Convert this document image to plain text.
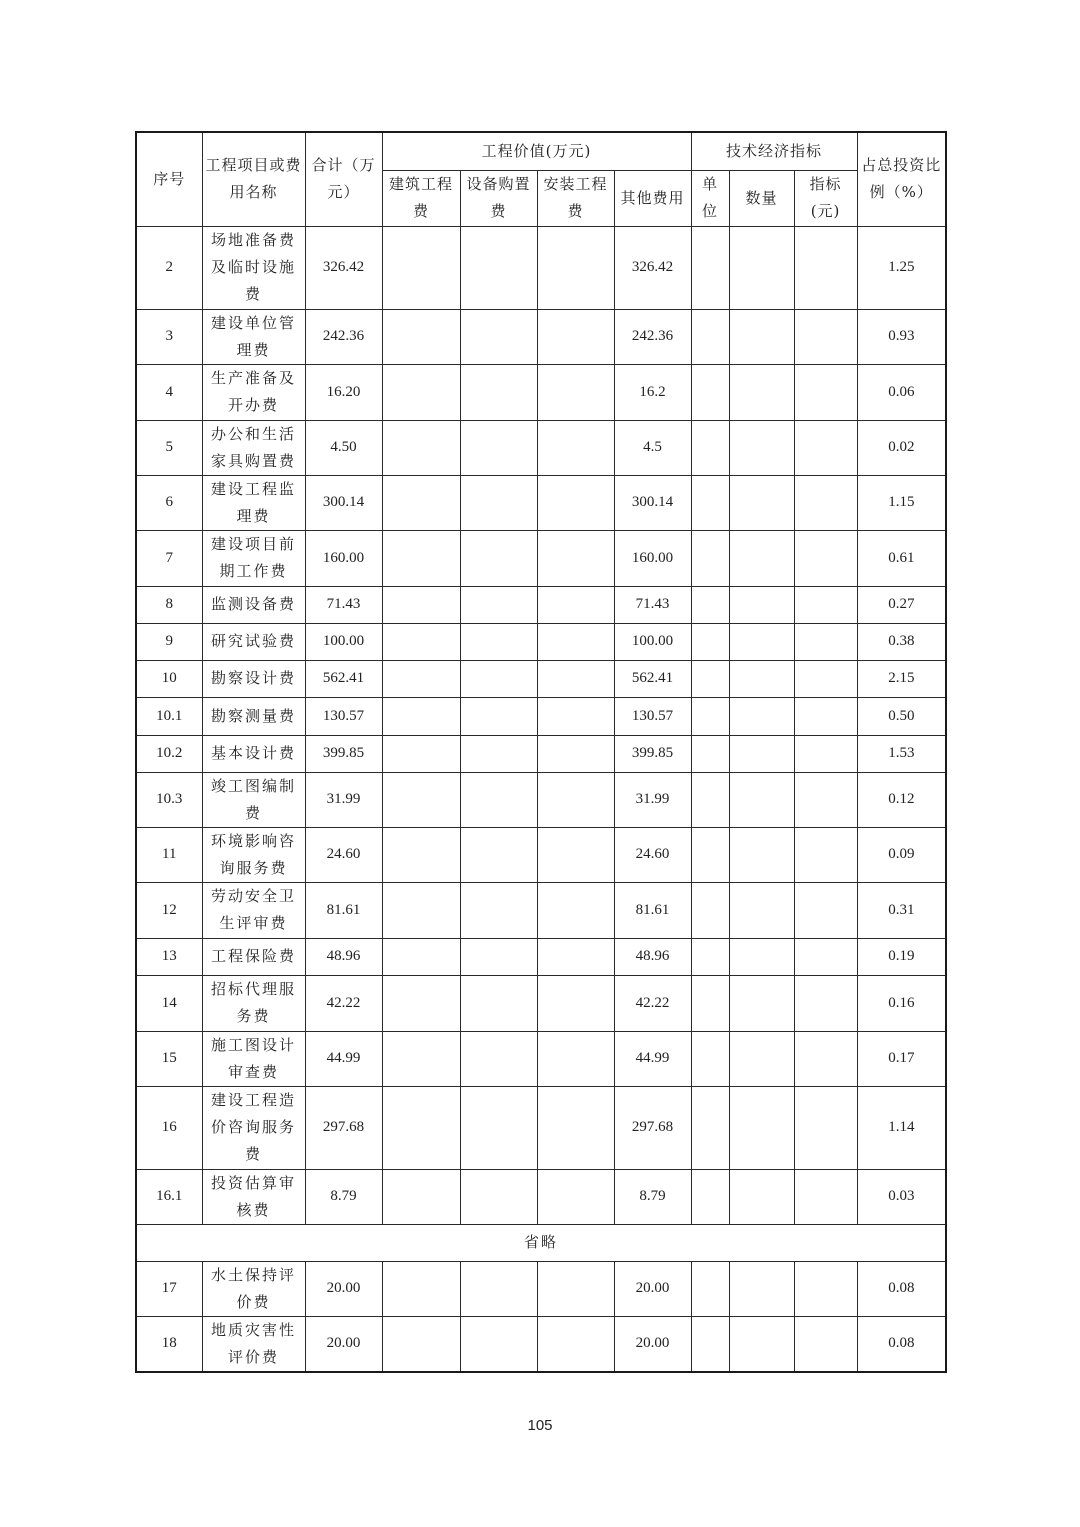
序号	工程项目或费用名称	合计（万元）	工程价值(万元)				技术经济指标			占总投资比例（%）
			建筑工程费	设备购置费	安装工程费	其他费用	单位	数量	指标(元)	
2	场地准备费及临时设施费	326.42				326.42				1.25
3	建设单位管理费	242.36				242.36				0.93
4	生产准备及开办费	16.20				16.2				0.06
5	办公和生活家具购置费	4.50				4.5				0.02
6	建设工程监理费	300.14				300.14				1.15
7	建设项目前期工作费	160.00				160.00				0.61
8	监测设备费	71.43				71.43				0.27
9	研究试验费	100.00				100.00				0.38
10	勘察设计费	562.41				562.41				2.15
10.1	勘察测量费	130.57				130.57				0.50
10.2	基本设计费	399.85				399.85				1.53
10.3	竣工图编制费	31.99				31.99				0.12
11	环境影响咨询服务费	24.60				24.60				0.09
12	劳动安全卫生评审费	81.61				81.61				0.31
13	工程保险费	48.96				48.96				0.19
14	招标代理服务费	42.22				42.22				0.16
15	施工图设计审查费	44.99				44.99				0.17
16	建设工程造价咨询服务费	297.68				297.68				1.14
16.1	投资估算审核费	8.79				8.79				0.03
省略										
17	水土保持评价费	20.00				20.00				0.08
18	地质灾害性评价费	20.00				20.00				0.08
105
